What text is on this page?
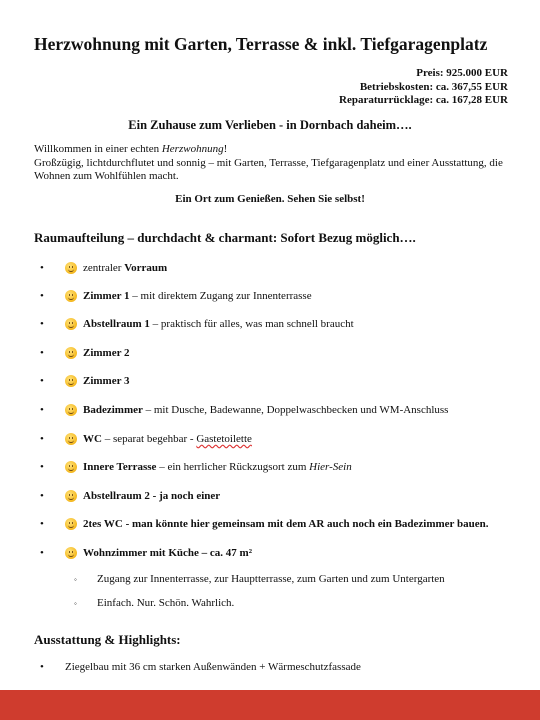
Herzwohnung mit Garten, Terrasse & inkl. Tiefgaragenplatz
Preis: 925.000 EUR
Betriebskosten: ca. 367,55 EUR
Reparaturrücklage: ca. 167,28 EUR
Ein Zuhause zum Verlieben - in Dornbach daheim….

Willkommen in einer echten Herzwohnung!

Großzügig, lichtdurchflutet und sonnig – mit Garten, Terrasse, Tiefgaragenplatz und einer Ausstattung, die Wohnen zum Wohlfühlen macht.

Ein Ort zum Genießen. Sehen Sie selbst!
Raumaufteilung – durchdacht & charmant: Sofort Bezug möglich….
•	zentraler Vorraum
•	Zimmer 1 – mit direktem Zugang zur Innenterrasse
•	Abstellraum 1 – praktisch für alles, was man schnell braucht
•	Zimmer 2
•	Zimmer 3
•	Badezimmer – mit Dusche, Badewanne, Doppelwaschbecken und WM-Anschluss
•	WC – separat begehbar - Gastetoilette
•	Innere Terrasse – ein herrlicher Rückzugsort zum Hier-Sein
•	Abstellraum 2 - ja noch einer
•	2tes WC - man könnte hier gemeinsam mit dem AR auch noch ein Badezimmer bauen.
•	Wohnzimmer mit Küche – ca. 47 m²
◦	Zugang zur Innenterrasse, zur Hauptterrasse, zum Garten und zum Untergarten
◦	Einfach. Nur. Schön. Wahrlich.
Ausstattung & Highlights:
•	Ziegelbau mit 36 cm starken Außenwänden + Wärmeschutzfassade
